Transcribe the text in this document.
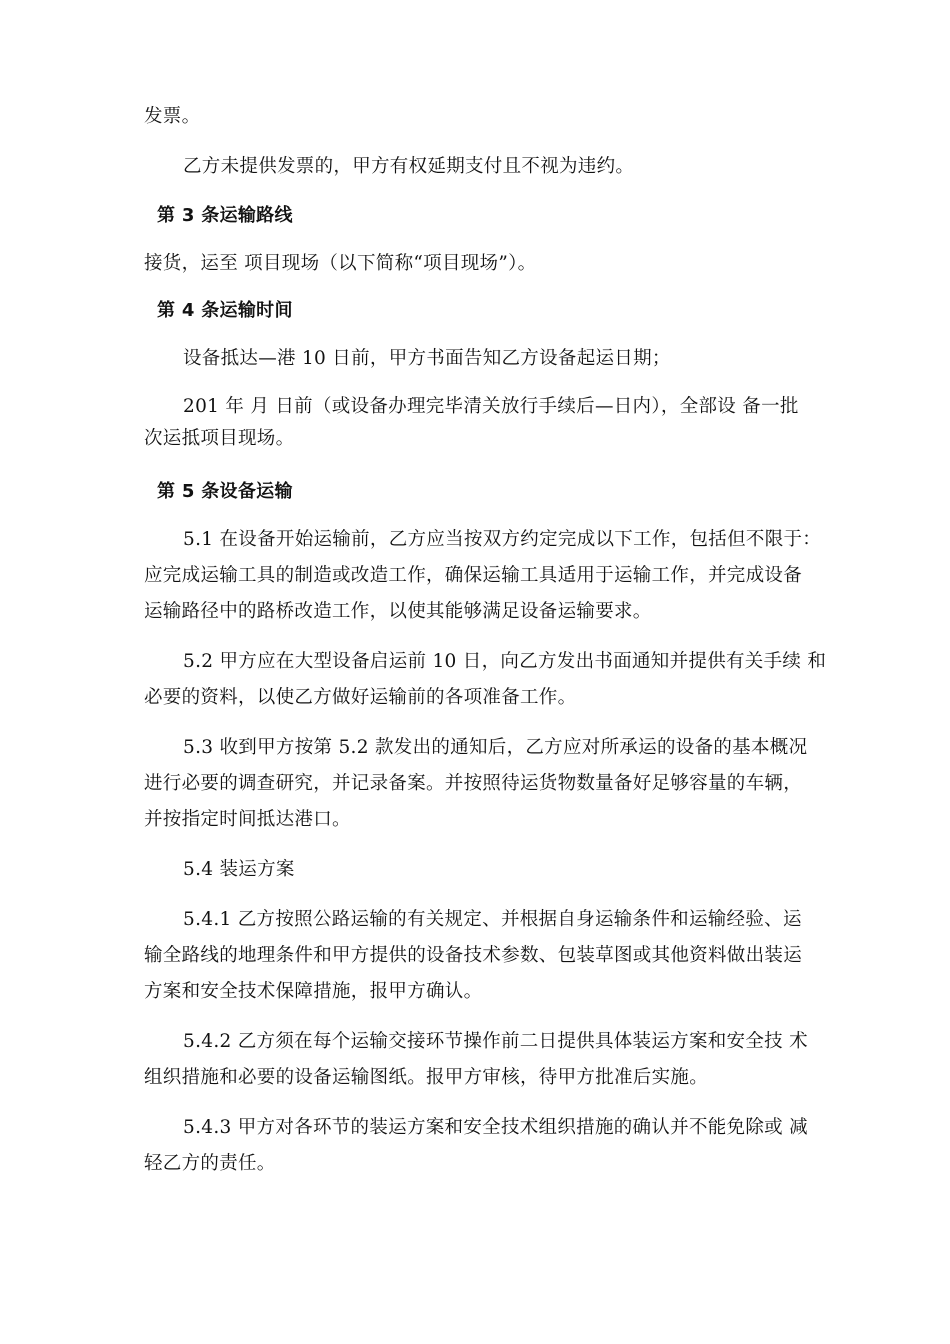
发票。

乙方未提供发票的，甲方有权延期支付且不视为违约。

第 3 条运输路线

接货，运至 项目现场（以下简称“项目现场”）。

第 4 条运输时间

设备抵达—港 10 日前，甲方书面告知乙方设备起运日期；

201 年 月 日前（或设备办理完毕清关放行手续后—日内），全部设 备一批

次运抵项目现场。

第 5 条设备运输

5.1 在设备开始运输前，乙方应当按双方约定完成以下工作，包括但不限于：

应完成运输工具的制造或改造工作，确保运输工具适用于运输工作，并完成设备

运输路径中的路桥改造工作，以使其能够满足设备运输要求。

5.2 甲方应在大型设备启运前 10 日，向乙方发出书面通知并提供有关手续 和

必要的资料，以使乙方做好运输前的各项准备工作。

5.3 收到甲方按第 5.2 款发出的通知后，乙方应对所承运的设备的基本概况

进行必要的调查研究，并记录备案。并按照待运货物数量备好足够容量的车辆，

并按指定时间抵达港口。

5.4 装运方案

5.4.1 乙方按照公路运输的有关规定、并根据自身运输条件和运输经验、运

输全路线的地理条件和甲方提供的设备技术参数、包装草图或其他资料做出装运

方案和安全技术保障措施，报甲方确认。

5.4.2 乙方须在每个运输交接环节操作前二日提供具体装运方案和安全技 术

组织措施和必要的设备运输图纸。报甲方审核，待甲方批准后实施。

5.4.3 甲方对各环节的装运方案和安全技术组织措施的确认并不能免除或 减

轻乙方的责任。
